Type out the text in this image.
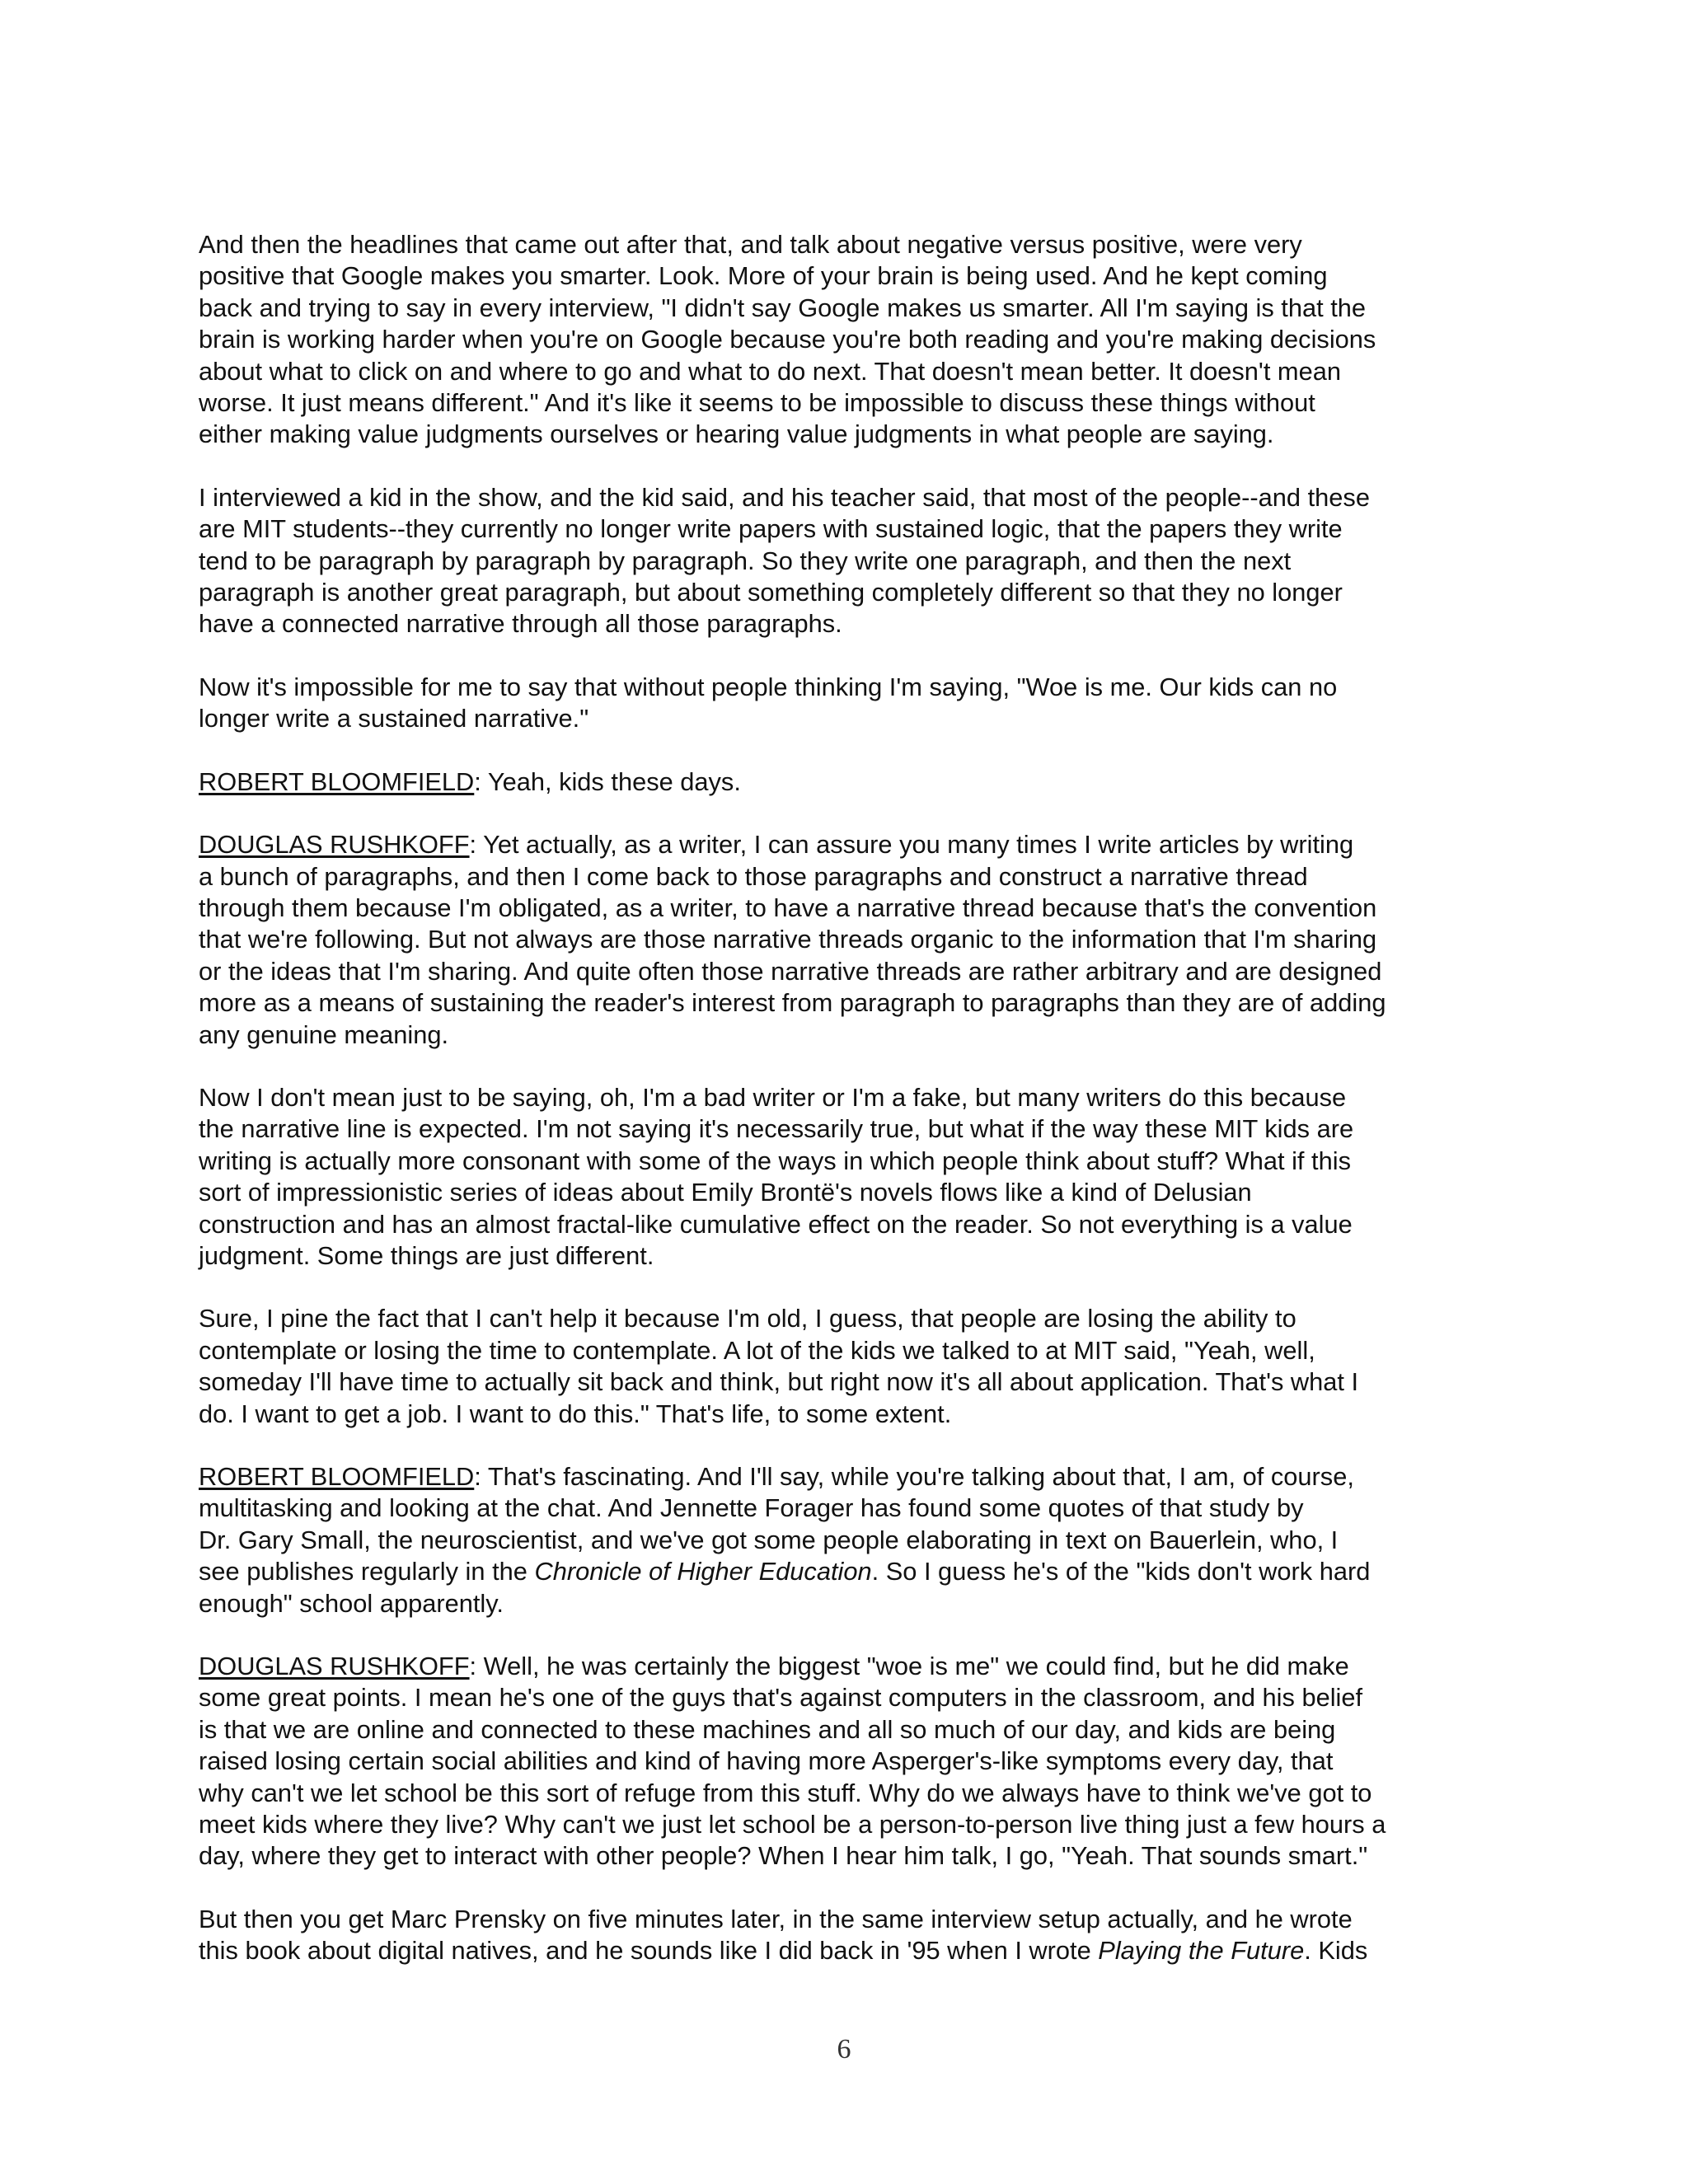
And then the headlines that came out after that, and talk about negative versus positive, were very
positive that Google makes you smarter. Look. More of your brain is being used. And he kept coming
back and trying to say in every interview, "I didn't say Google makes us smarter. All I'm saying is that the
brain is working harder when you're on Google because you're both reading and you're making decisions
about what to click on and where to go and what to do next. That doesn't mean better. It doesn't mean
worse. It just means different." And it's like it seems to be impossible to discuss these things without
either making value judgments ourselves or hearing value judgments in what people are saying.

I interviewed a kid in the show, and the kid said, and his teacher said, that most of the people--and these
are MIT students--they currently no longer write papers with sustained logic, that the papers they write
tend to be paragraph by paragraph by paragraph. So they write one paragraph, and then the next
paragraph is another great paragraph, but about something completely different so that they no longer
have a connected narrative through all those paragraphs.

Now it's impossible for me to say that without people thinking I'm saying, "Woe is me. Our kids can no
longer write a sustained narrative."

ROBERT BLOOMFIELD: Yeah, kids these days.

DOUGLAS RUSHKOFF: Yet actually, as a writer, I can assure you many times I write articles by writing
a bunch of paragraphs, and then I come back to those paragraphs and construct a narrative thread
through them because I'm obligated, as a writer, to have a narrative thread because that's the convention
that we're following. But not always are those narrative threads organic to the information that I'm sharing
or the ideas that I'm sharing. And quite often those narrative threads are rather arbitrary and are designed
more as a means of sustaining the reader's interest from paragraph to paragraphs than they are of adding
any genuine meaning.

Now I don't mean just to be saying, oh, I'm a bad writer or I'm a fake, but many writers do this because
the narrative line is expected. I'm not saying it's necessarily true, but what if the way these MIT kids are
writing is actually more consonant with some of the ways in which people think about stuff? What if this
sort of impressionistic series of ideas about Emily Brontë's novels flows like a kind of Delusian
construction and has an almost fractal-like cumulative effect on the reader. So not everything is a value
judgment. Some things are just different.

Sure, I pine the fact that I can't help it because I'm old, I guess, that people are losing the ability to
contemplate or losing the time to contemplate. A lot of the kids we talked to at MIT said, "Yeah, well,
someday I'll have time to actually sit back and think, but right now it's all about application. That's what I
do. I want to get a job. I want to do this." That's life, to some extent.

ROBERT BLOOMFIELD: That's fascinating. And I'll say, while you're talking about that, I am, of course,
multitasking and looking at the chat. And Jennette Forager has found some quotes of that study by
Dr. Gary Small, the neuroscientist, and we've got some people elaborating in text on Bauerlein, who, I
see publishes regularly in the Chronicle of Higher Education. So I guess he's of the "kids don't work hard
enough" school apparently.

DOUGLAS RUSHKOFF: Well, he was certainly the biggest "woe is me" we could find, but he did make
some great points. I mean he's one of the guys that's against computers in the classroom, and his belief
is that we are online and connected to these machines and all so much of our day, and kids are being
raised losing certain social abilities and kind of having more Asperger's-like symptoms every day, that
why can't we let school be this sort of refuge from this stuff. Why do we always have to think we've got to
meet kids where they live? Why can't we just let school be a person-to-person live thing just a few hours a
day, where they get to interact with other people? When I hear him talk, I go, "Yeah. That sounds smart."

But then you get Marc Prensky on five minutes later, in the same interview setup actually, and he wrote
this book about digital natives, and he sounds like I did back in '95 when I wrote Playing the Future. Kids

6
